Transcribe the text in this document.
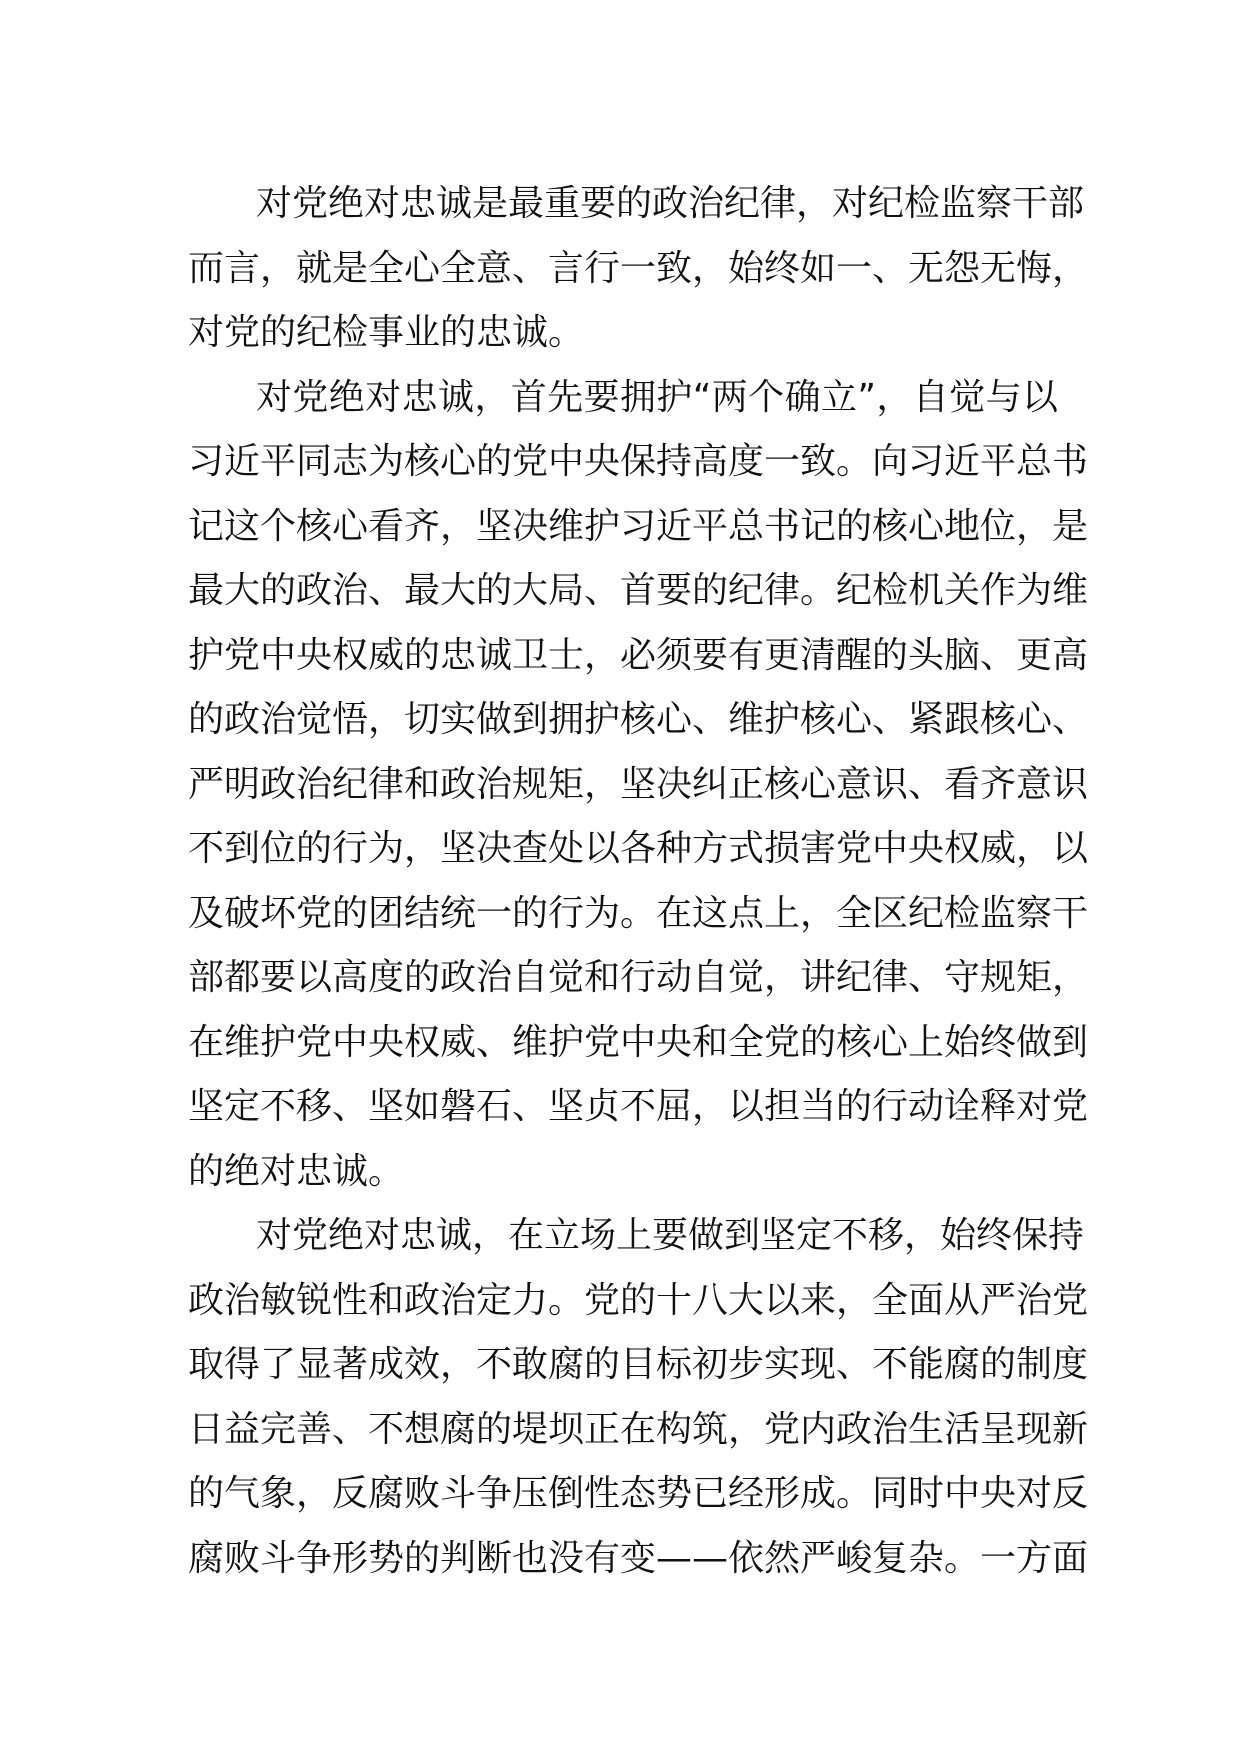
对党绝对忠诚是最重要的政治纪律，对纪检监察干部
而言，就是全心全意、言行一致，始终如一、无怨无悔，
对党的纪检事业的忠诚。
对党绝对忠诚，首先要拥护“两个确立”，自觉与以
习近平同志为核心的党中央保持高度一致。向习近平总书
记这个核心看齐，坚决维护习近平总书记的核心地位，是
最大的政治、最大的大局、首要的纪律。纪检机关作为维
护党中央权威的忠诚卫士，必须要有更清醒的头脑、更高
的政治觉悟，切实做到拥护核心、维护核心、紧跟核心、
严明政治纪律和政治规矩，坚决纠正核心意识、看齐意识
不到位的行为，坚决查处以各种方式损害党中央权威，以
及破坏党的团结统一的行为。在这点上，全区纪检监察干
部都要以高度的政治自觉和行动自觉，讲纪律、守规矩，
在维护党中央权威、维护党中央和全党的核心上始终做到
坚定不移、坚如磐石、坚贞不屈，以担当的行动诠释对党
的绝对忠诚。
对党绝对忠诚，在立场上要做到坚定不移，始终保持
政治敏锐性和政治定力。党的十八大以来，全面从严治党
取得了显著成效，不敢腐的目标初步实现、不能腐的制度
日益完善、不想腐的堤坝正在构筑，党内政治生活呈现新
的气象，反腐败斗争压倒性态势已经形成。同时中央对反
腐败斗争形势的判断也没有变——依然严峻复杂。一方面
